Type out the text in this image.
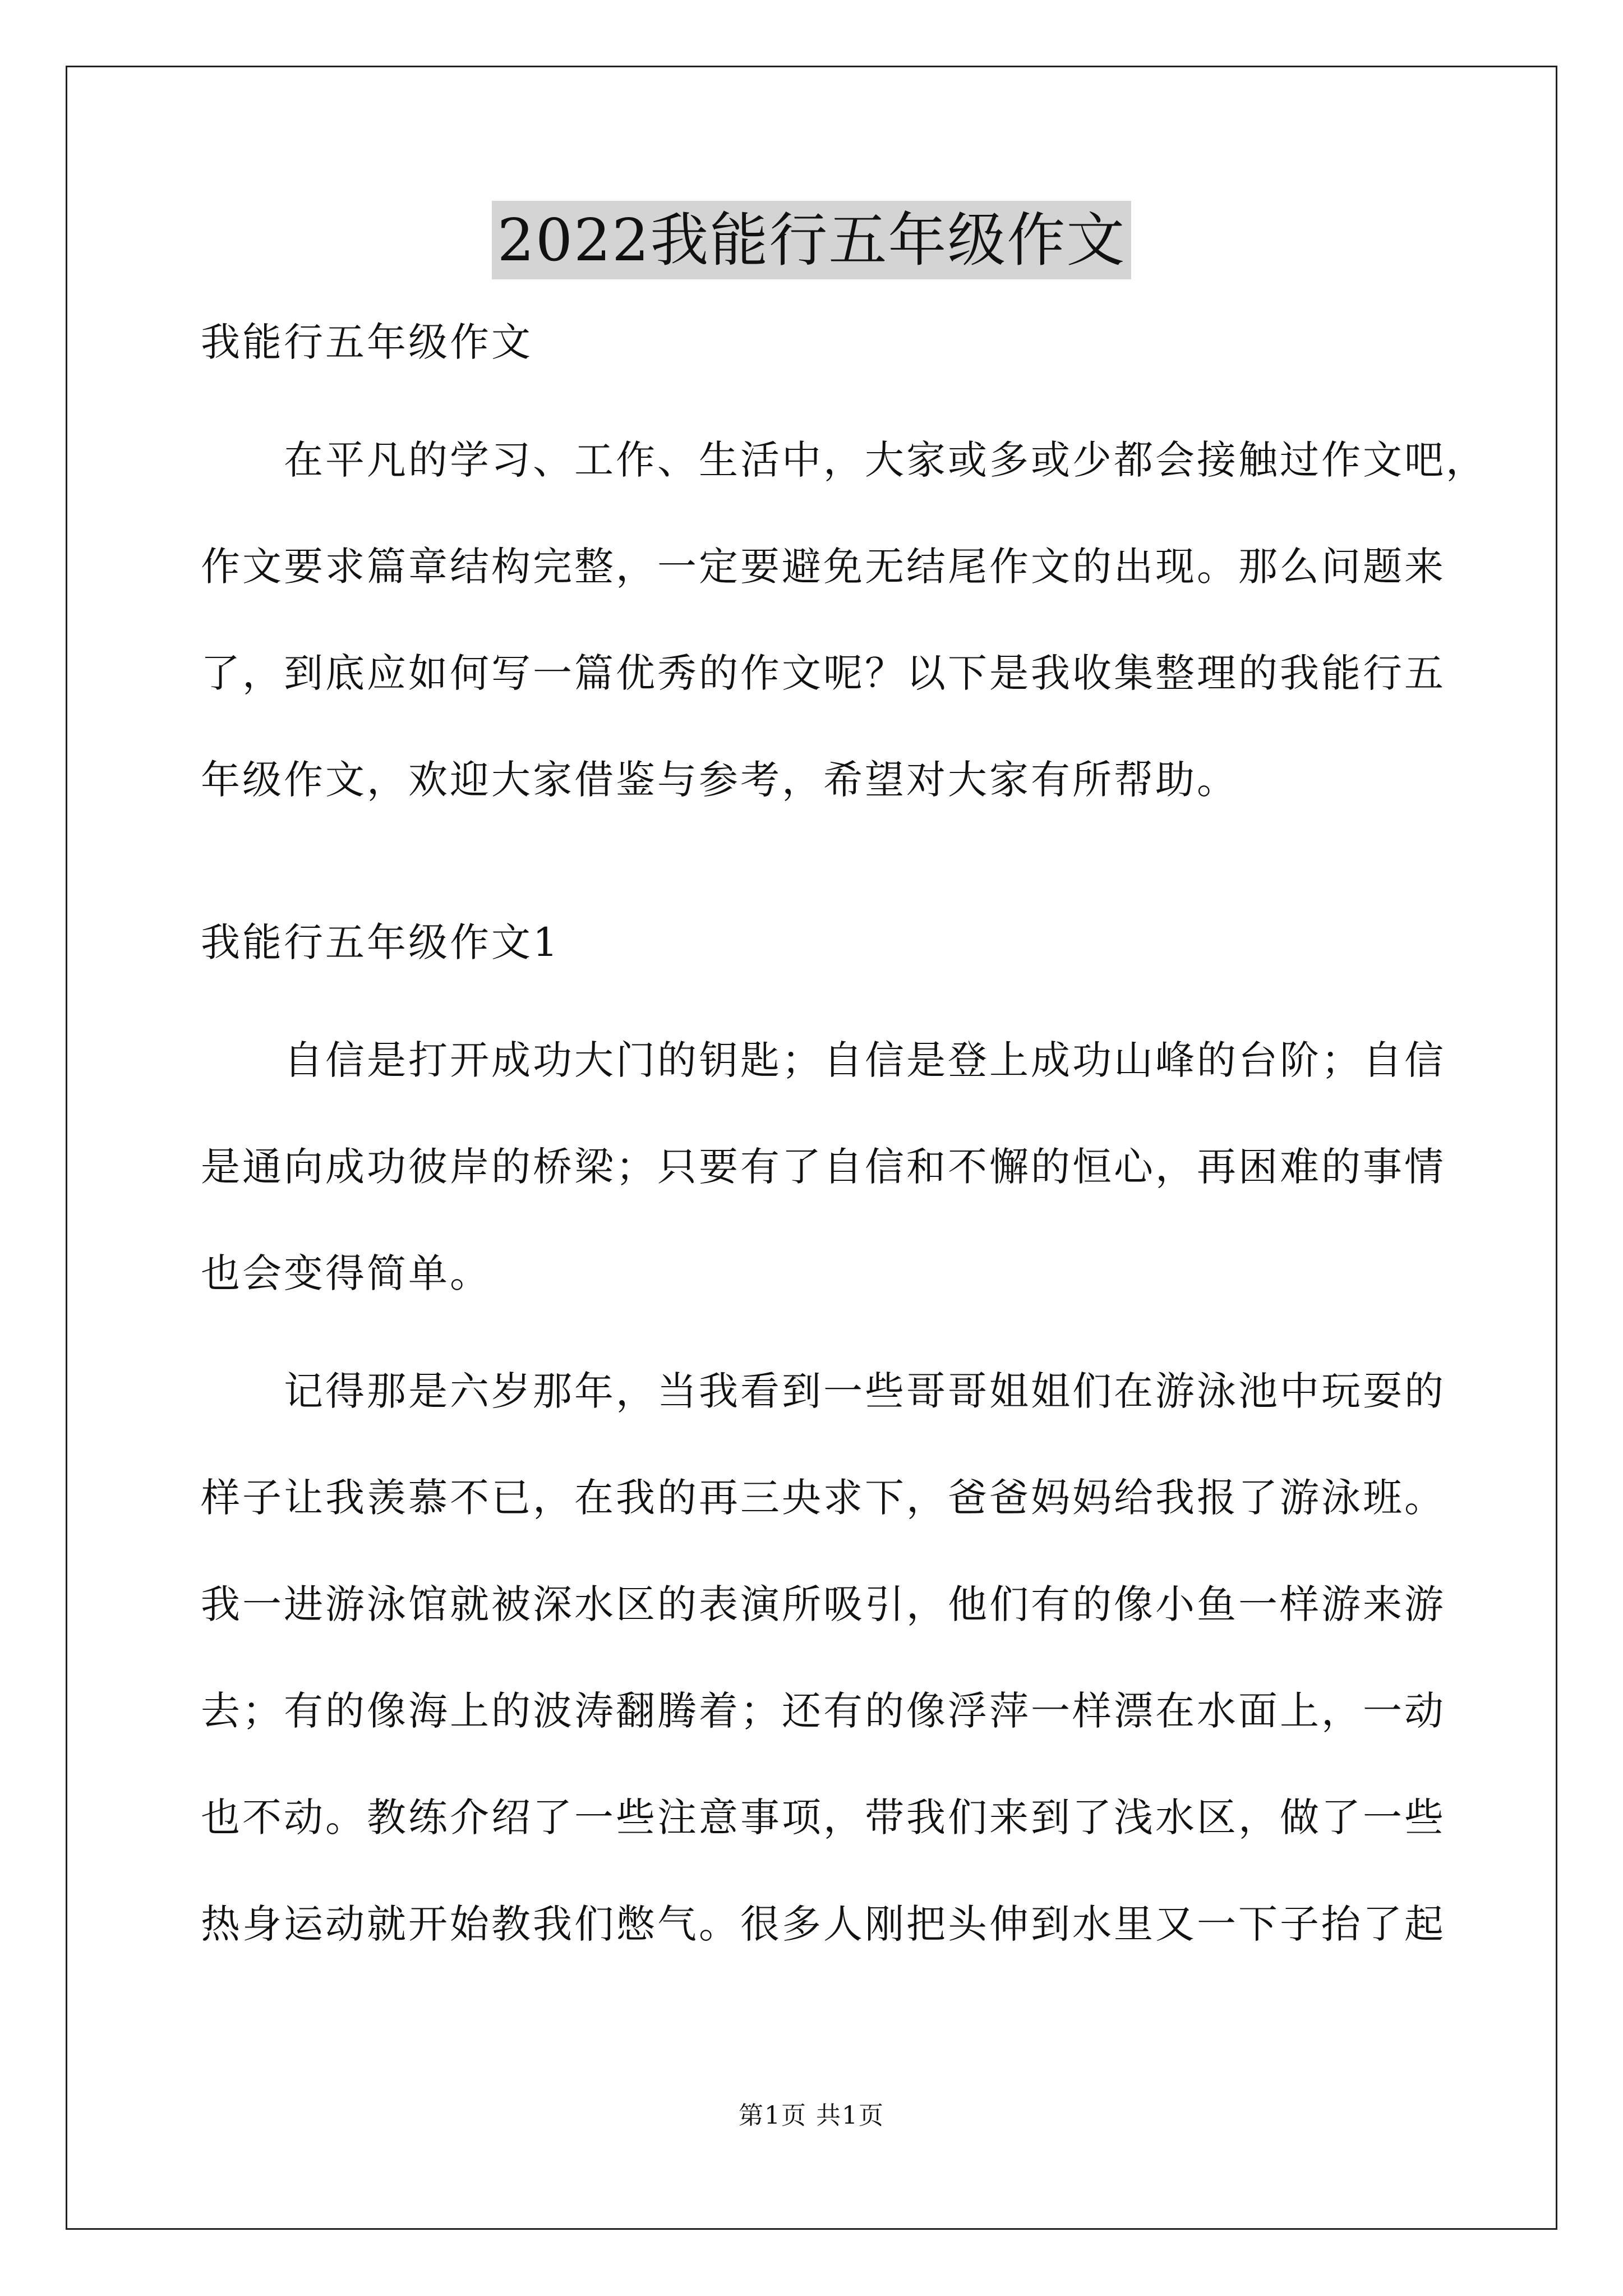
2022我能行五年级作文

我能行五年级作文

在平凡的学习、工作、生活中，大家或多或少都会接触过作文吧，

作文要求篇章结构完整，一定要避免无结尾作文的出现。那么问题来

了，到底应如何写一篇优秀的作文呢？以下是我收集整理的我能行五

年级作文，欢迎大家借鉴与参考，希望对大家有所帮助。

我能行五年级作文1

自信是打开成功大门的钥匙；自信是登上成功山峰的台阶；自信

是通向成功彼岸的桥梁；只要有了自信和不懈的恒心，再困难的事情

也会变得简单。

记得那是六岁那年，当我看到一些哥哥姐姐们在游泳池中玩耍的

样子让我羡慕不已，在我的再三央求下，爸爸妈妈给我报了游泳班。

我一进游泳馆就被深水区的表演所吸引，他们有的像小鱼一样游来游

去；有的像海上的波涛翻腾着；还有的像浮萍一样漂在水面上，一动

也不动。教练介绍了一些注意事项，带我们来到了浅水区，做了一些

热身运动就开始教我们憋气。很多人刚把头伸到水里又一下子抬了起

第1页 共1页
